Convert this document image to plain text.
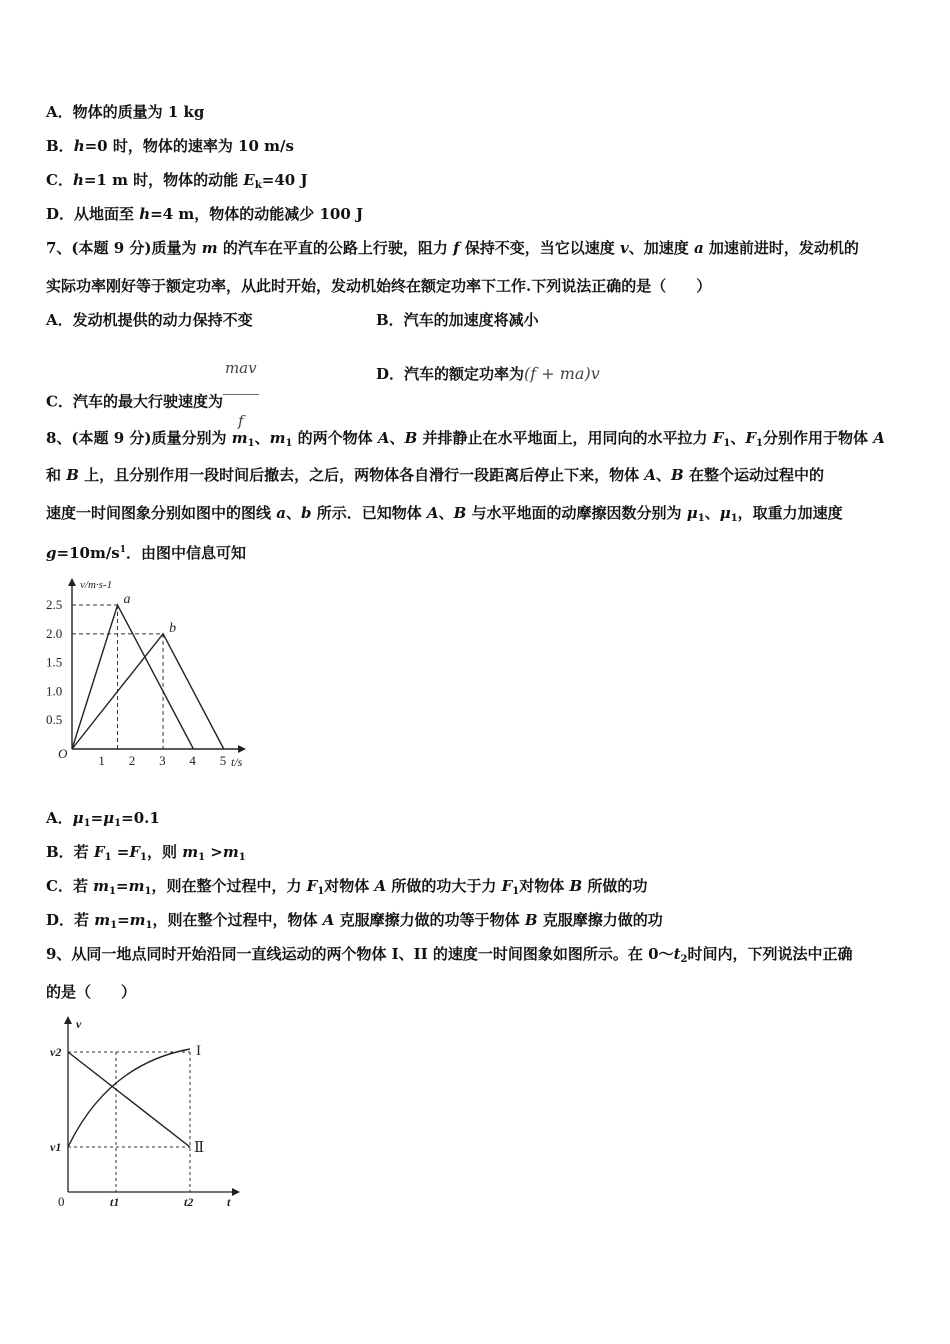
A．物体的质量为 1 kg
B．h=0 时，物体的速率为 10 m/s
C．h=1 m 时，物体的动能 $E_k=40$ J
D．从地面至 h=4 m，物体的动能减少 100 J
7、(本题 9 分)质量为 m 的汽车在平直的公路上行驶，阻力 f 保持不变，当它以速度 v、加速度 a 加速前进时，发动机的
实际功率刚好等于额定功率，从此时开始，发动机始终在额定功率下工作.下列说法正确的是（　　）
A．发动机提供的动力保持不变	B．汽车的加速度将减小
C．汽车的最大行驶速度为 $\frac{\text{mav}}{f}$	D．汽车的额定功率为(f + ma)v
8、(本题 9 分)质量分别为 $m_1$、$m_1$ 的两个物体 A、B 并排静止在水平地面上，用同向的水平拉力 $F_1$、$F_1$分别作用于物体 A
和 B 上，且分别作用一段时间后撤去，之后，两物体各自滑行一段距离后停止下来，物体 A、B 在整个运动过程中的
速度一时间图象分别如图中的图线 a、b 所示．已知物体 A、B 与水平地面的动摩擦因数分别为 $\mu_1$、$\mu_1$，取重力加速度
$g=10m/s^1$．由图中信息可知
v/m·s-1
O
t/s
0.5
1.0
1.5
2.0
2.5
1 2 3 4 5
a
b
A．$\mu_1=\mu_1=0.1$
B．若 $F_1 =F_1$，则 $m_1 >m_1$
C．若 $m_1=m_1$，则在整个过程中，力 $F_1$对物体 A 所做的功大于力 $F_1$对物体 B 所做的功
D．若 $m_1=m_1$，则在整个过程中，物体 A 克服摩擦力做的功等于物体 B 克服摩擦力做的功
9、从同一地点同时开始沿同一直线运动的两个物体 I、II 的速度一时间图象如图所示。在 $0\sim t_2$时间内，下列说法中正确
的是（　　）
v
t
0
v2
v1
t1	t2
I
Ⅱ
